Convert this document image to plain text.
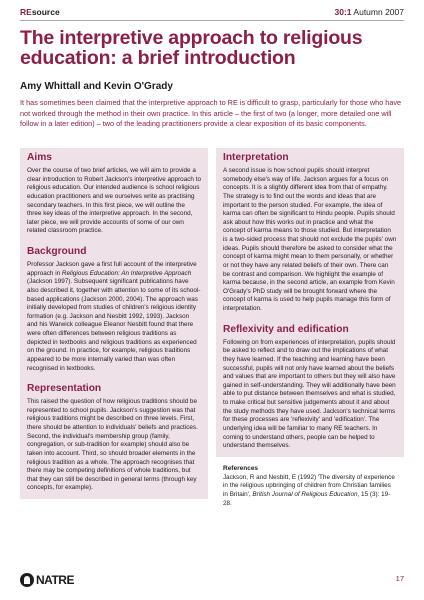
REsource	30:1 Autumn 2007
The interpretive approach to religious education: a brief introduction

Amy Whittall and Kevin O'Grady

It has sometimes been claimed that the interpretive approach to RE is difficult to grasp, particularly for those who have not worked through the method in their own practice. In this article – the first of two (a longer, more detailed one will follow in a later edition) – two of the leading practitioners provide a clear exposition of its basic components.

Aims

Over the course of two brief articles, we will aim to provide a clear introduction to Robert Jackson's interpretive approach to religious education. Our intended audience is school religious education practitioners and we ourselves write as practising secondary teachers. In this first piece, we will outline the three key ideas of the interpretive approach. In the second, later piece, we will provide accounts of some of our own related classroom practice.

Background

Professor Jackson gave a first full account of the interpretive approach in Religious Education: An Interpretive Approach (Jackson 1997). Subsequent significant publications have also described it, together with attention to some of its school-based applications (Jackson 2000, 2004). The approach was initially developed from studies of children's religious identity formation (e.g. Jackson and Nesbitt 1992, 1993). Jackson and his Warwick colleague Eleanor Nesbitt found that there were often differences between religious traditions as depicted in textbooks and religious traditions as experienced on the ground. In practice, for example, religious traditions appeared to be more internally varied than was often recognised in textbooks.

Representation

This raised the question of how religious traditions should be represented to school pupils. Jackson's suggestion was that religious traditions might be described on three levels. First, there should be attention to individuals' beliefs and practices. Second, the individual's membership group (family, congregation, or sub-tradition for example) should also be taken into account. Third, so should broader elements in the religious tradition as a whole. The approach recognises that there may be competing definitions of whole traditions, but that they can still be described in general terms (through key concepts, for example).

Interpretation

A second issue is how school pupils should interpret somebody else's way of life. Jackson argues for a focus on concepts. It is a slightly different idea from that of empathy. The strategy is to find out the words and ideas that are important to the person studied. For example, the idea of karma can often be significant to Hindu people. Pupils should ask about how this works out in practice and what the concept of karma means to those studied. But interpretation is a two-sided process that should not exclude the pupils' own ideas. Pupils should therefore be asked to consider what the concept of karma might mean to them personally, or whether or not they have any related beliefs of their own. There can be contrast and comparison. We highlight the example of karma because, in the second article, an example from Kevin O'Grady's PhD study will be brought forward where the concept of karma is used to help pupils manage this form of interpretation.

Reflexivity and edification

Following on from experiences of interpretation, pupils should be asked to reflect and to draw out the implications of what they have learned. If the teaching and learning have been successful, pupils will not only have learned about the beliefs and values that are important to others but they will also have gained in self-understanding. They will additionally have been able to put distance between themselves and what is studied, to make critical but sensitive judgements about it and about the study methods they have used. Jackson's technical terms for these processes are 'reflexivity' and 'edification'. The underlying idea will be familiar to many RE teachers. In coming to understand others, people can be helped to understand themselves.

References

Jackson, R and Nesbitt, E (1992) 'The diversity of experience in the religious upbringing of children from Christian families in Britain', British Journal of Religious Education, 15 (3): 19-28.

NATRE	17
